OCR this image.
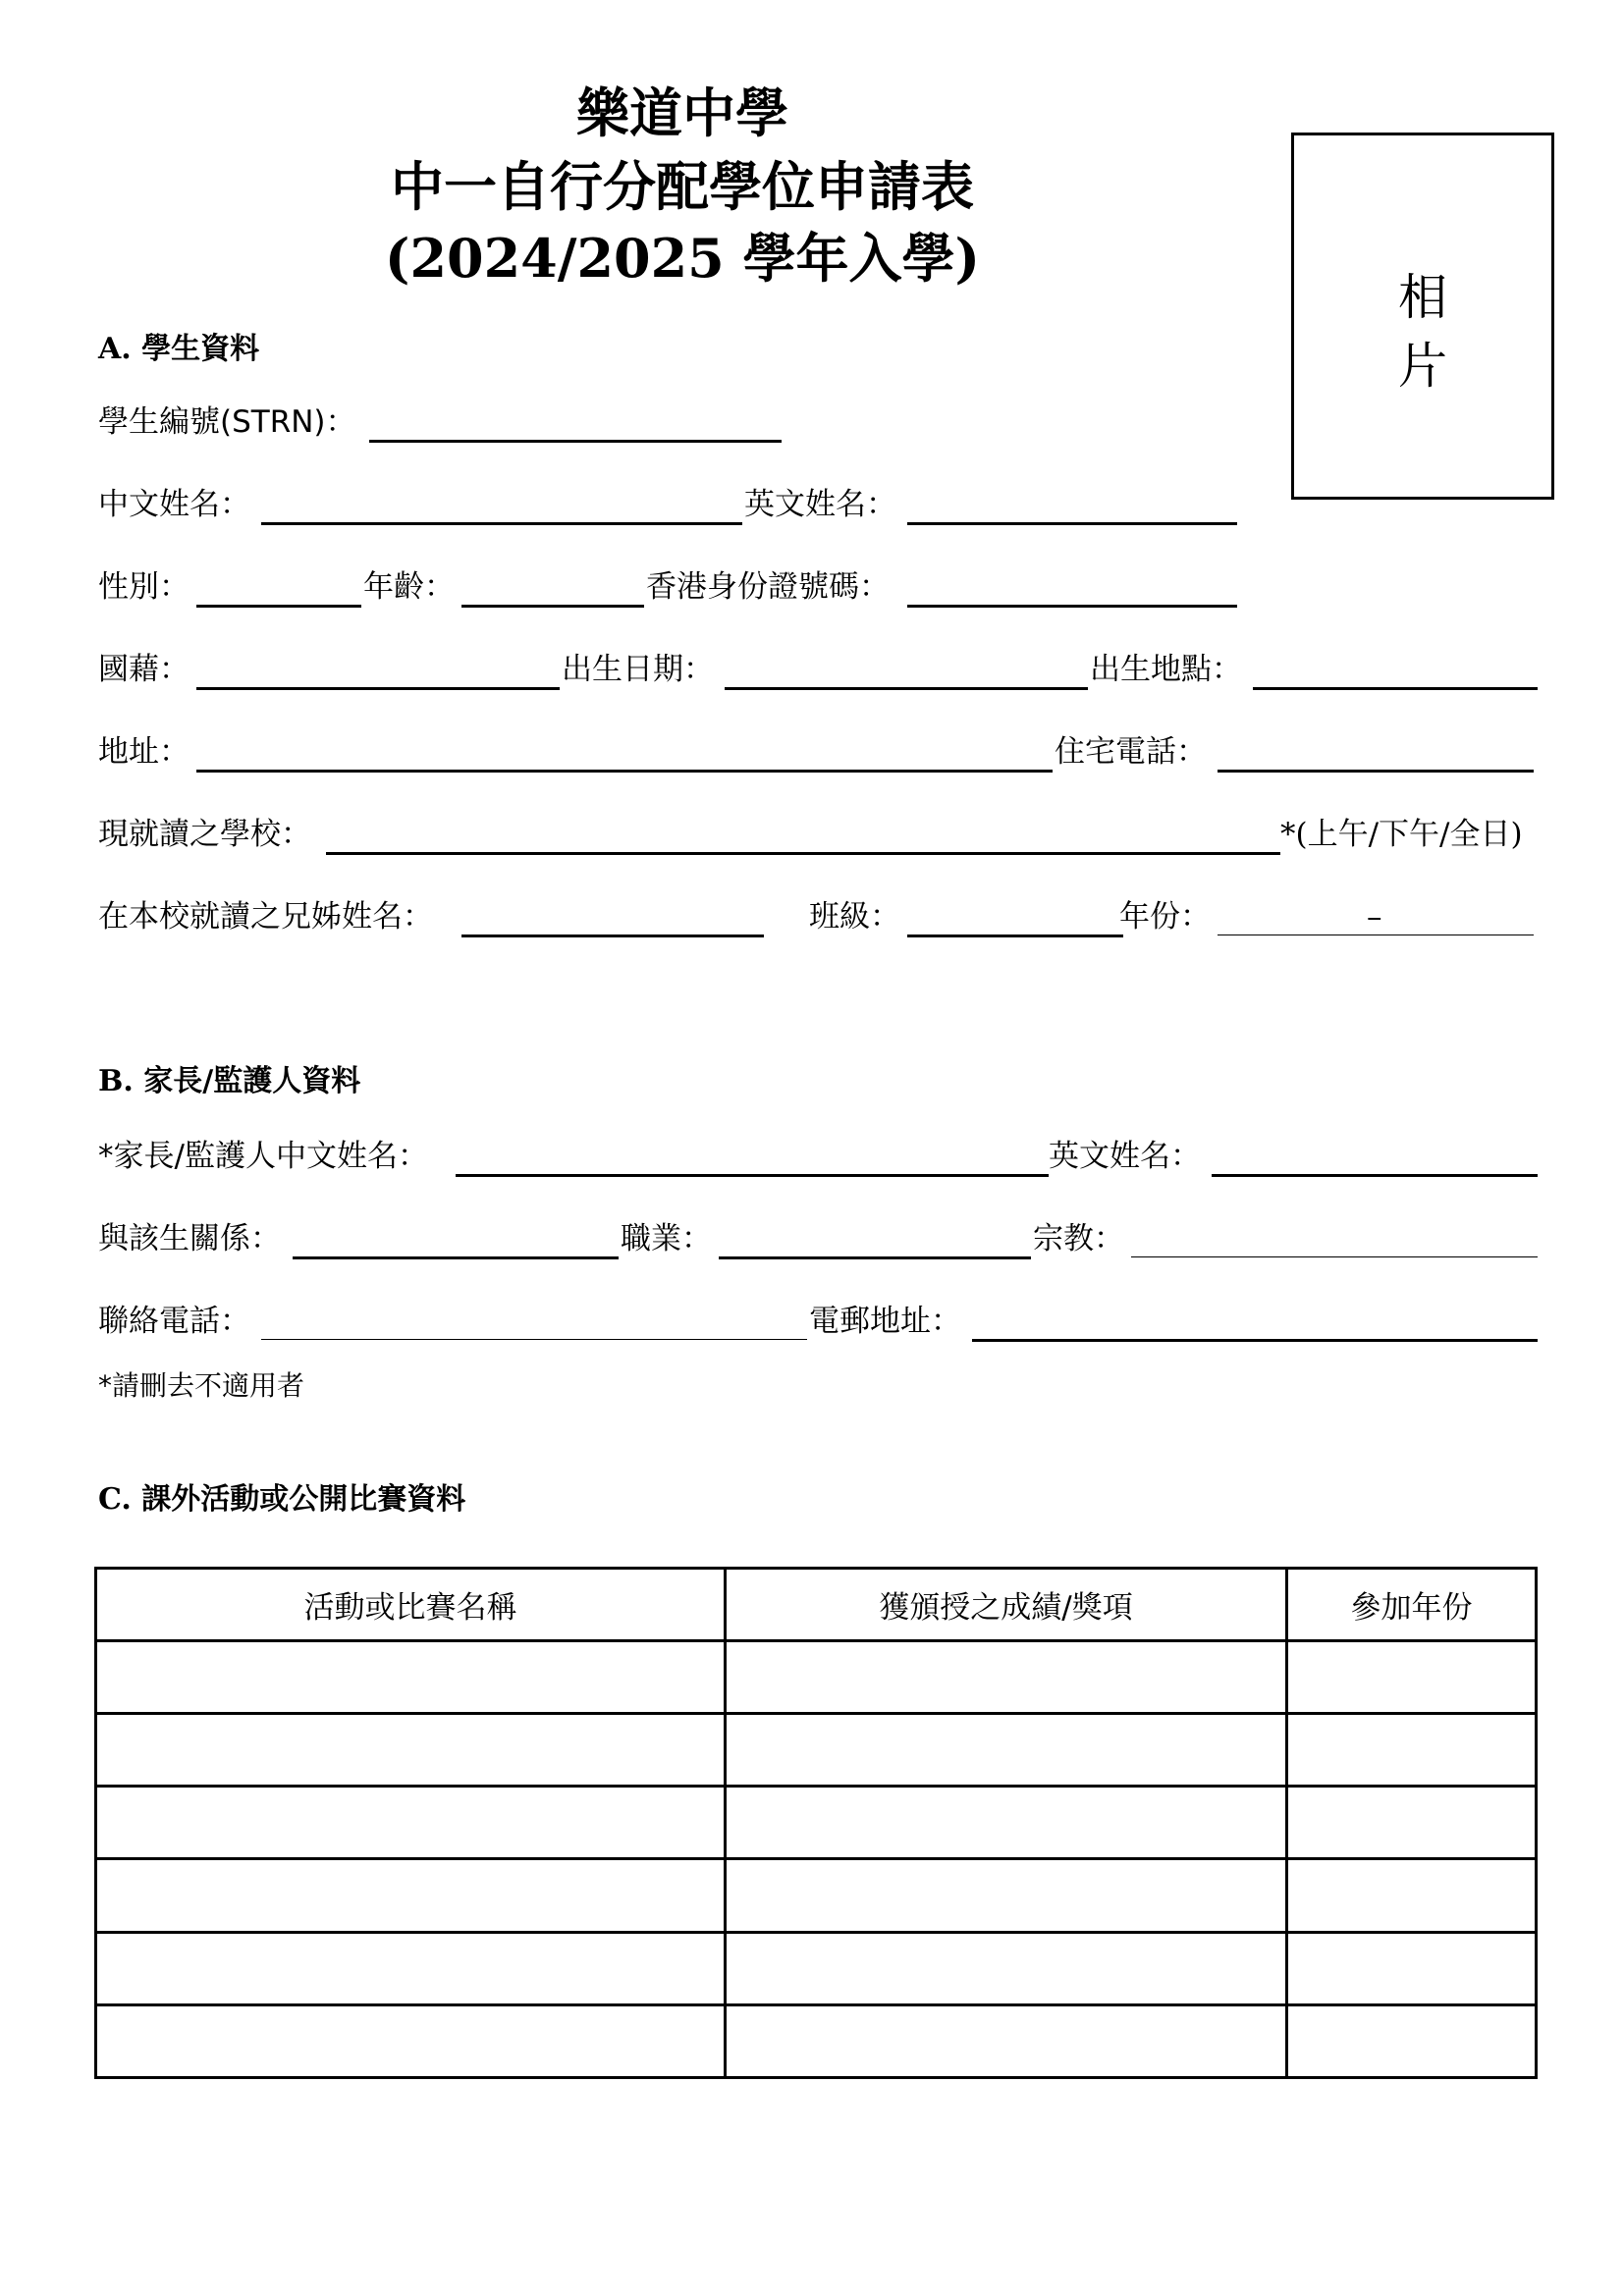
樂道中學
中一自行分配學位申請表
(2024/2025 學年入學)
相
片
A. 學生資料
學生編號(STRN)：
中文姓名：	英文姓名：
性別：	年齡：	香港身份證號碼：
國藉：	出生日期：	出生地點：
地址：	住宅電話：
現就讀之學校：	*(上午/下午/全日)
在本校就讀之兄姊姓名：	班級：	年份：	–
B. 家長/監護人資料
*家長/監護人中文姓名：	英文姓名：
與該生關係：	職業：	宗教：
聯絡電話：	電郵地址：
*請刪去不適用者
C. 課外活動或公開比賽資料
活動或比賽名稱	獲頒授之成績/獎項	參加年份
